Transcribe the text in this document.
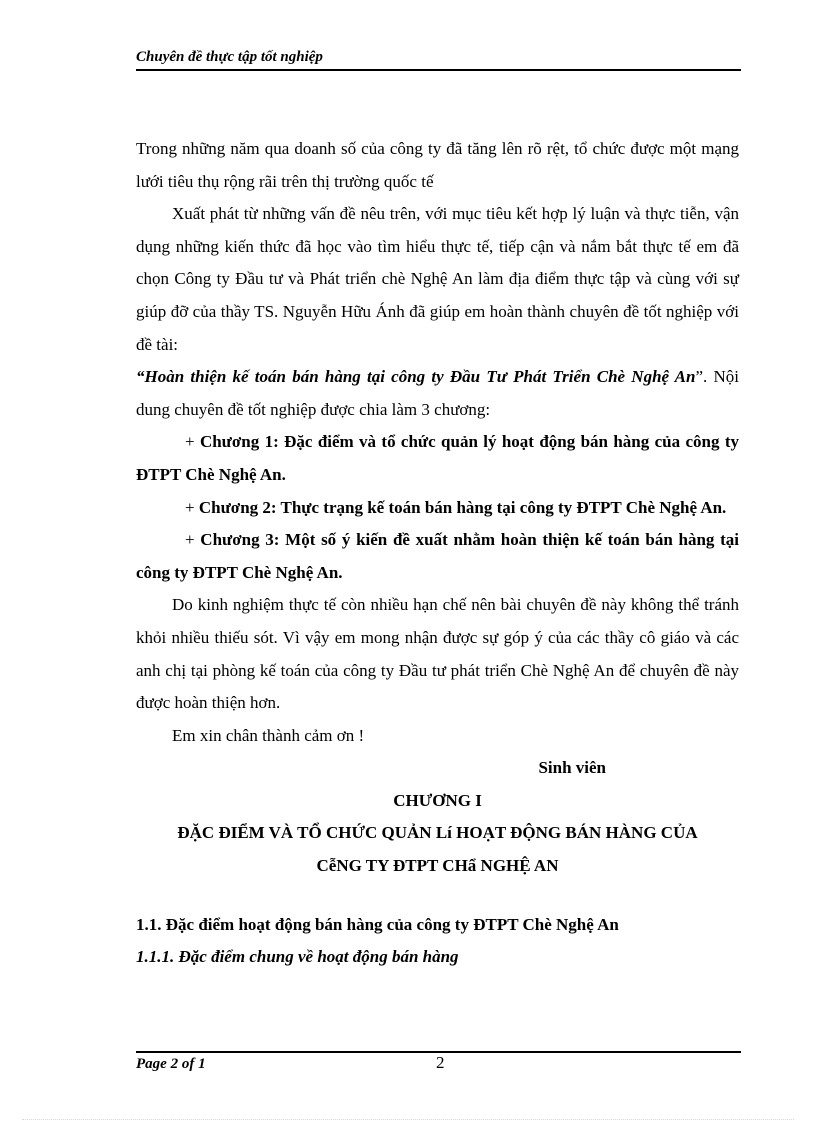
Chuyên đề thực tập tốt nghiệp

Trong những năm qua doanh số của công ty đã tăng lên rõ rệt, tổ chức được một mạng lưới tiêu thụ rộng rãi trên thị trường quốc tế

Xuất phát từ những vấn đề nêu trên, với mục tiêu kết hợp lý luận và thực tiễn, vận dụng những kiến thức đã học vào tìm hiểu thực tế, tiếp cận và nắm bắt thực tế em đã chọn Công ty Đầu tư và Phát triển chè Nghệ An làm địa điểm thực tập và cùng với sự giúp đỡ của thầy TS. Nguyễn Hữu Ánh đã giúp em hoàn thành chuyên đề tốt nghiệp với đề tài:

“Hoàn thiện kế toán bán hàng tại công ty Đầu Tư Phát Triển Chè Nghệ An”. Nội dung chuyên đề tốt nghiệp được chia làm 3 chương:

+ Chương 1: Đặc điểm và tổ chức quản lý hoạt động bán hàng của công ty ĐTPT Chè Nghệ An.

+ Chương 2: Thực trạng kế toán bán hàng tại công ty ĐTPT Chè Nghệ An.

+ Chương 3: Một số ý kiến đề xuất nhằm hoàn thiện kế toán bán hàng tại công ty ĐTPT Chè Nghệ An.

Do kinh nghiệm thực tế còn nhiều hạn chế nên bài chuyên đề này không thể tránh khỏi nhiều thiếu sót. Vì vậy em mong nhận được sự góp ý của các thầy cô giáo và các anh chị tại phòng kế toán của công ty Đầu tư phát triển Chè Nghệ An để chuyên đề này được hoàn thiện hơn.

Em xin chân thành cảm ơn !

Sinh viên

CHƯƠNG I

ĐẶC ĐIỂM VÀ TỔ CHỨC QUẢN Lí HOẠT ĐỘNG BÁN HÀNG CỦA

CễNG TY ĐTPT CHẩ NGHỆ AN

1.1. Đặc điểm hoạt động bán hàng của công ty ĐTPT Chè Nghệ An

1.1.1. Đặc điểm chung về hoạt động bán hàng

Page 2 of 1	2
